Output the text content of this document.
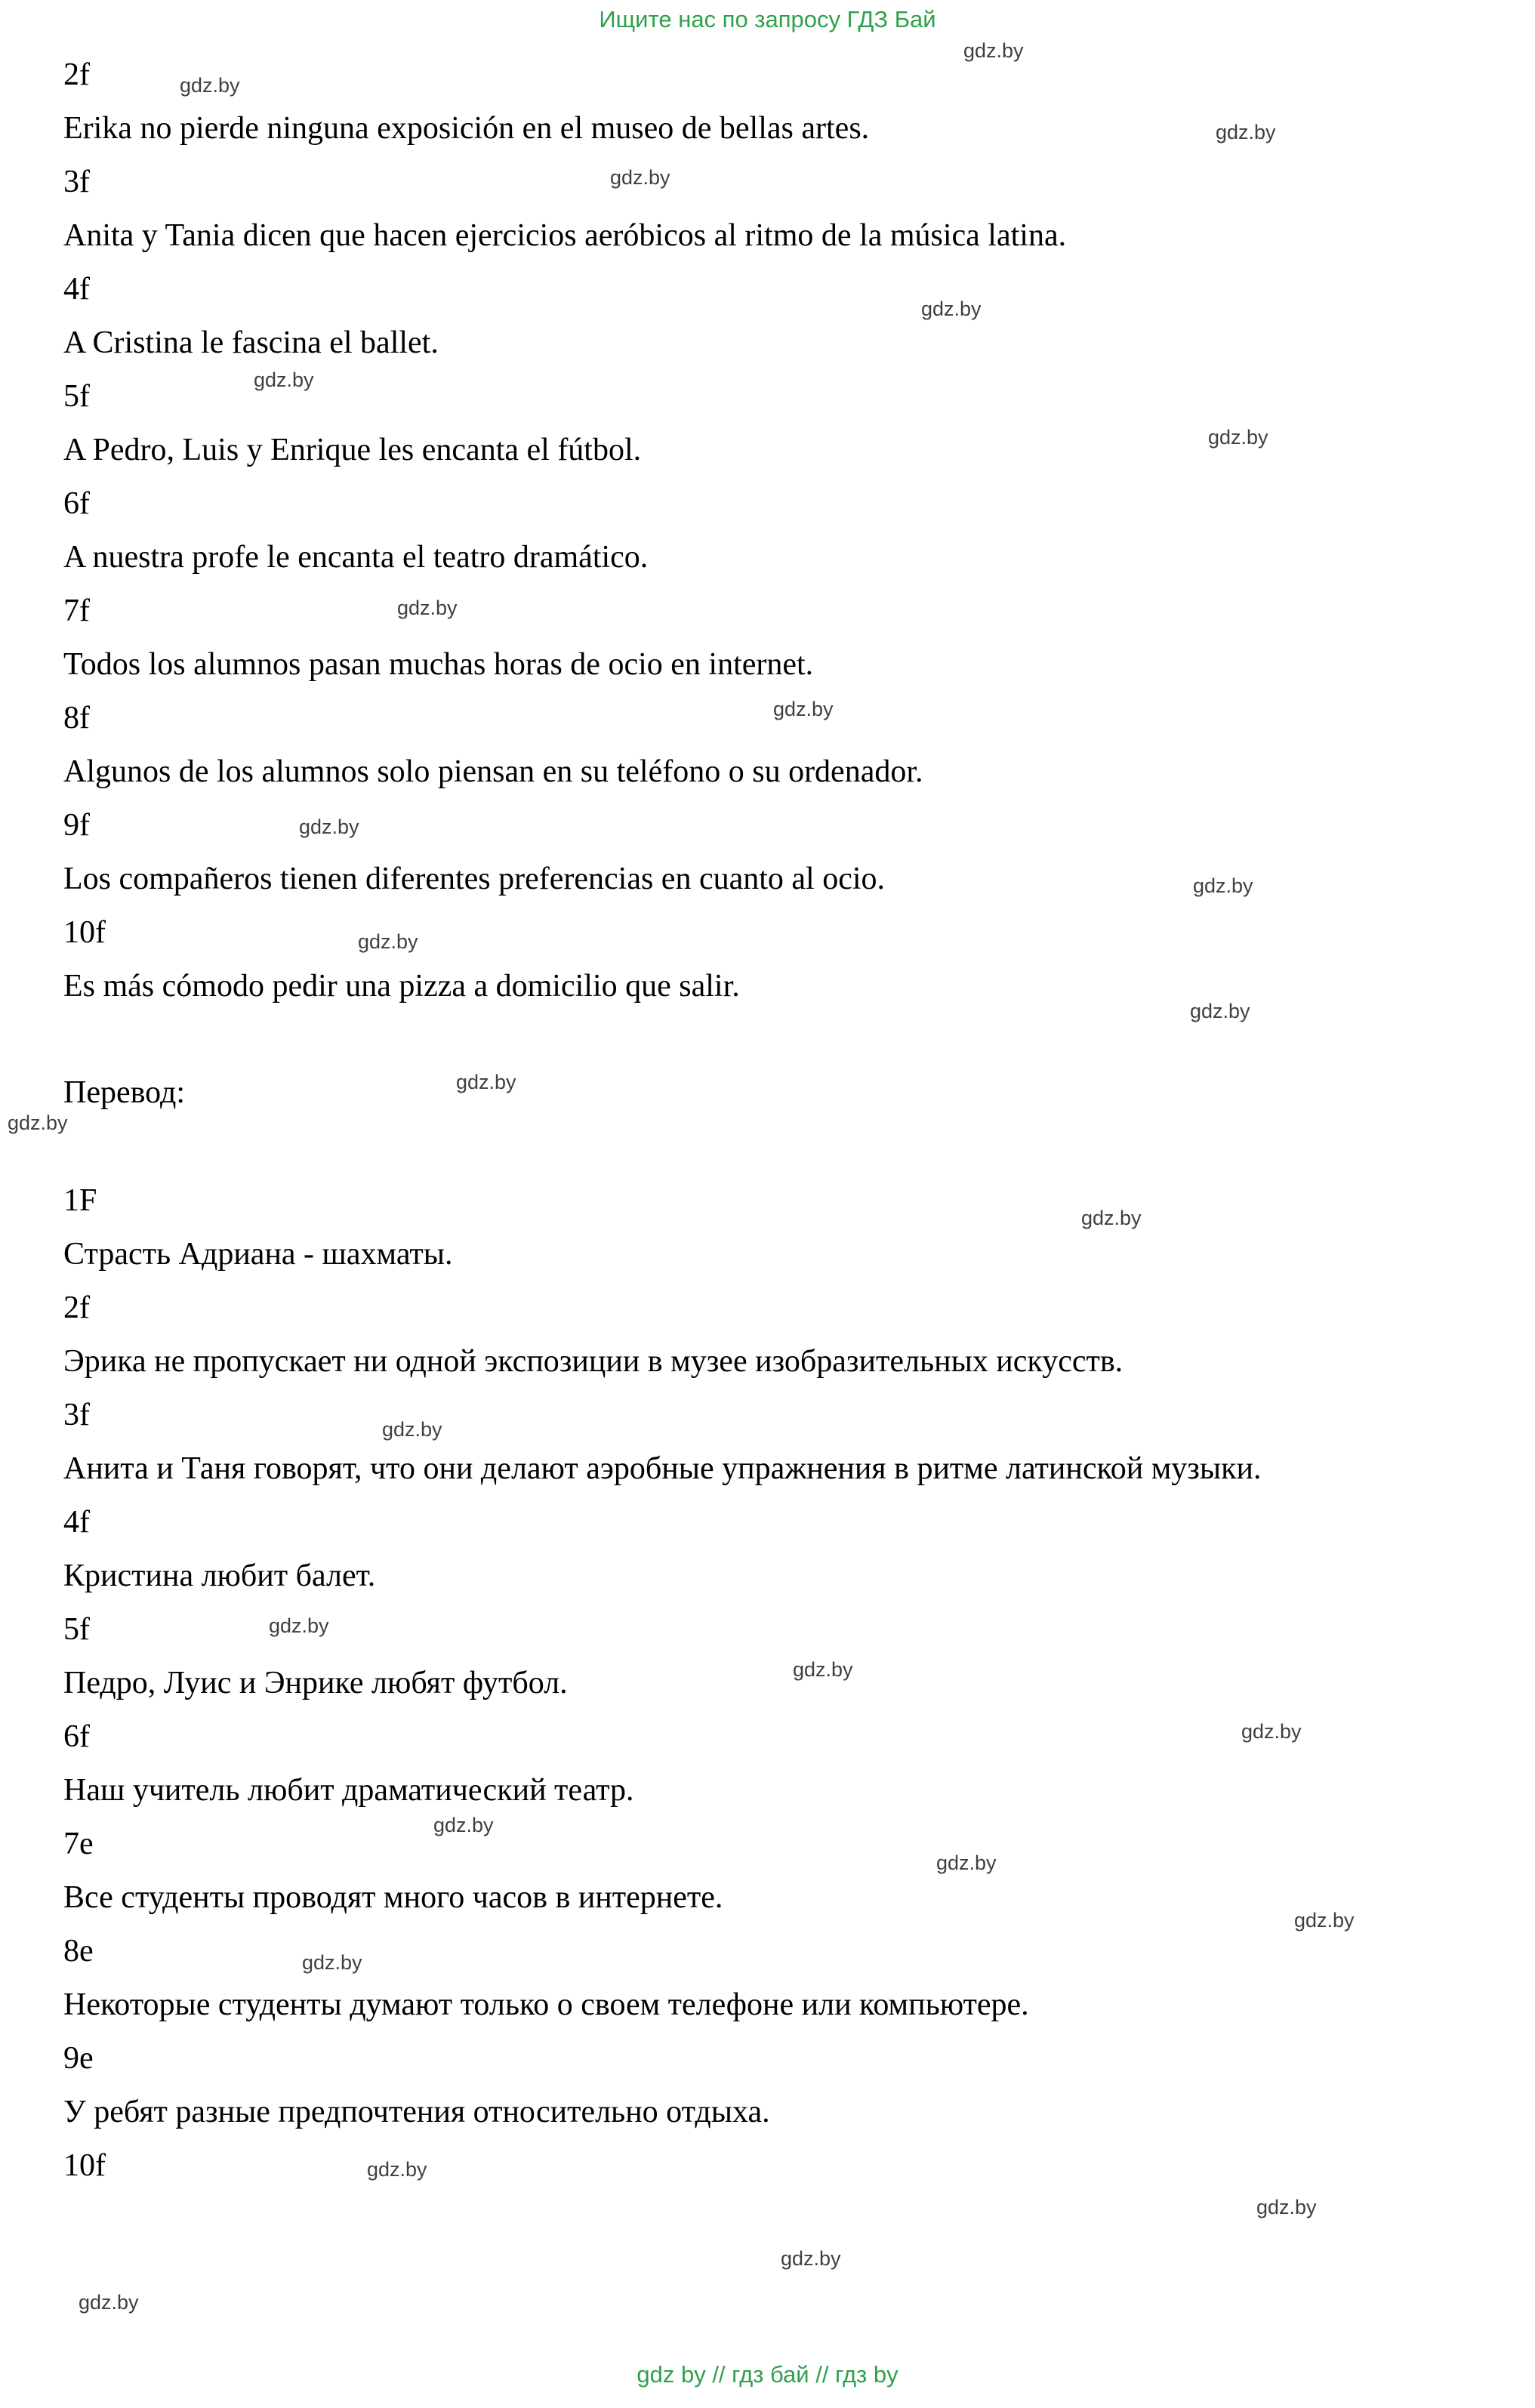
Ищите нас по запросу ГДЗ Бай
2f
Erika no pierde ninguna exposición en el museo de bellas artes.
3f
Anita y Tania dicen que hacen ejercicios aeróbicos al ritmo de la música latina.
4f
A Cristina le fascina el ballet.
5f
A Pedro, Luis y Enrique les encanta el fútbol.
6f
A nuestra profe le encanta el teatro dramático.
7f
Todos los alumnos pasan muchas horas de ocio en internet.
8f
Algunos de los alumnos solo piensan en su teléfono o su ordenador.
9f
Los compañeros tienen diferentes preferencias en cuanto al ocio.
10f
Es más cómodo pedir una pizza a domicilio que salir.
Перевод:
1F
Страсть Адриана - шахматы.
2f
Эрика не пропускает ни одной экспозиции в музее изобразительных искусств.
3f
Анита и Таня говорят, что они делают аэробные упражнения в ритме латинской музыки.
4f
Кристина любит балет.
5f
Педро, Луис и Энрике любят футбол.
6f
Наш учитель любит драматический театр.
7e
Все студенты проводят много часов в интернете.
8e
Некоторые студенты думают только о своем телефоне или компьютере.
9e
У ребят разные предпочтения относительно отдыха.
10f
gdz.by
gdz.by
gdz.by
gdz.by
gdz.by
gdz.by
gdz.by
gdz.by
gdz.by
gdz.by
gdz.by
gdz.by
gdz.by
gdz.by
gdz.by
gdz.by
gdz.by
gdz.by
gdz.by
gdz.by
gdz.by
gdz.by
gdz.by
gdz.by
gdz.by
gdz.by
gdz.by
gdz.by
gdz by // гдз бай // гдз by
